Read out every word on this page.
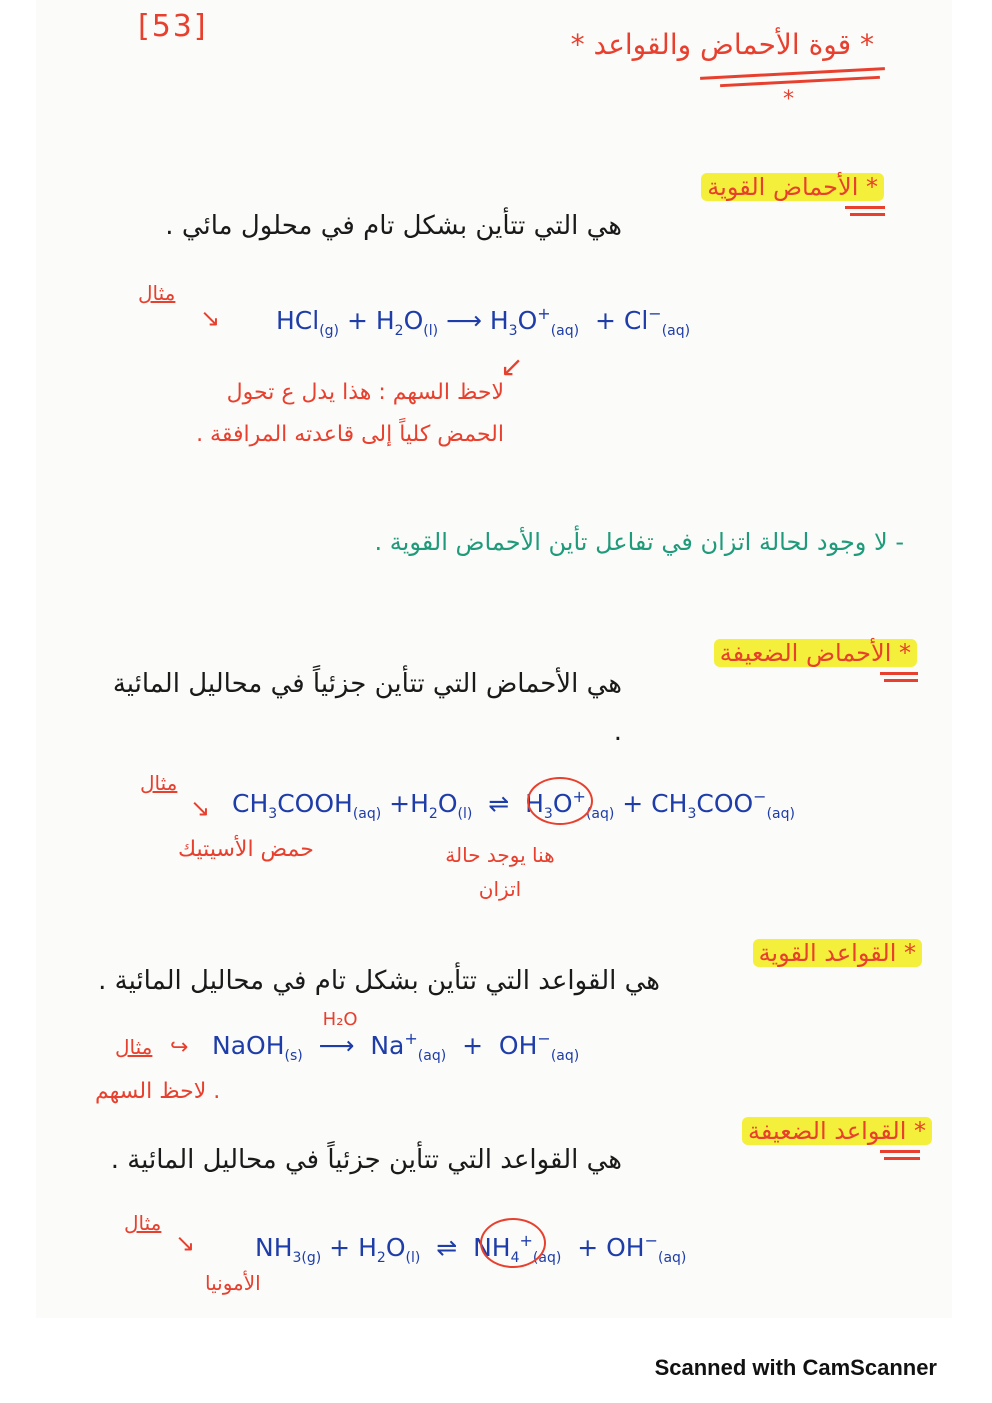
[53]
* قوة الأحماض والقواعد *
*
* الأحماض القوية
هي التي تتأين بشكل تام في محلول مائي .
مثال
↘ $HCl_{(g)} + H_2O_{(l)}$ ⟶ $H_3O^+_{(aq)} + Cl^-_{(aq)}$
↙
لاحظ السهم : هذا يدل ع تحول الحمض كلياً إلى قاعدته المرافقة .
- لا وجود لحالة اتزان في تفاعل تأين الأحماض القوية .
* الأحماض الضعيفة
هي الأحماض التي تتأين جزئياً في محاليل المائية .
مثال
↘ $CH_3COOH_{(aq)} +H_2O_{(l)}$  ⇌  $H_3O^+_{(aq)} + CH_3COO^-_{(aq)}$
حمض الأسيتيك	هنا يوجد حالة اتزان
* القواعد القوية
هي القواعد التي تتأين بشكل تام في محاليل المائية .
مثال ↪ NaOH$_{(s)}$
H₂O
⟶  $Na^+_{(aq)} + OH^-_{(aq)}$
. لاحظ السهم
* القواعد الضعيفة
هي القواعد التي تتأين جزئياً في محاليل المائية .
مثال
↘ $NH_{3(g)} + H_2O_{(l)}$  ⇌  $NH_4^+_{(aq)} + OH^-_{(aq)}$
الأمونيا
Scanned with CamScanner
